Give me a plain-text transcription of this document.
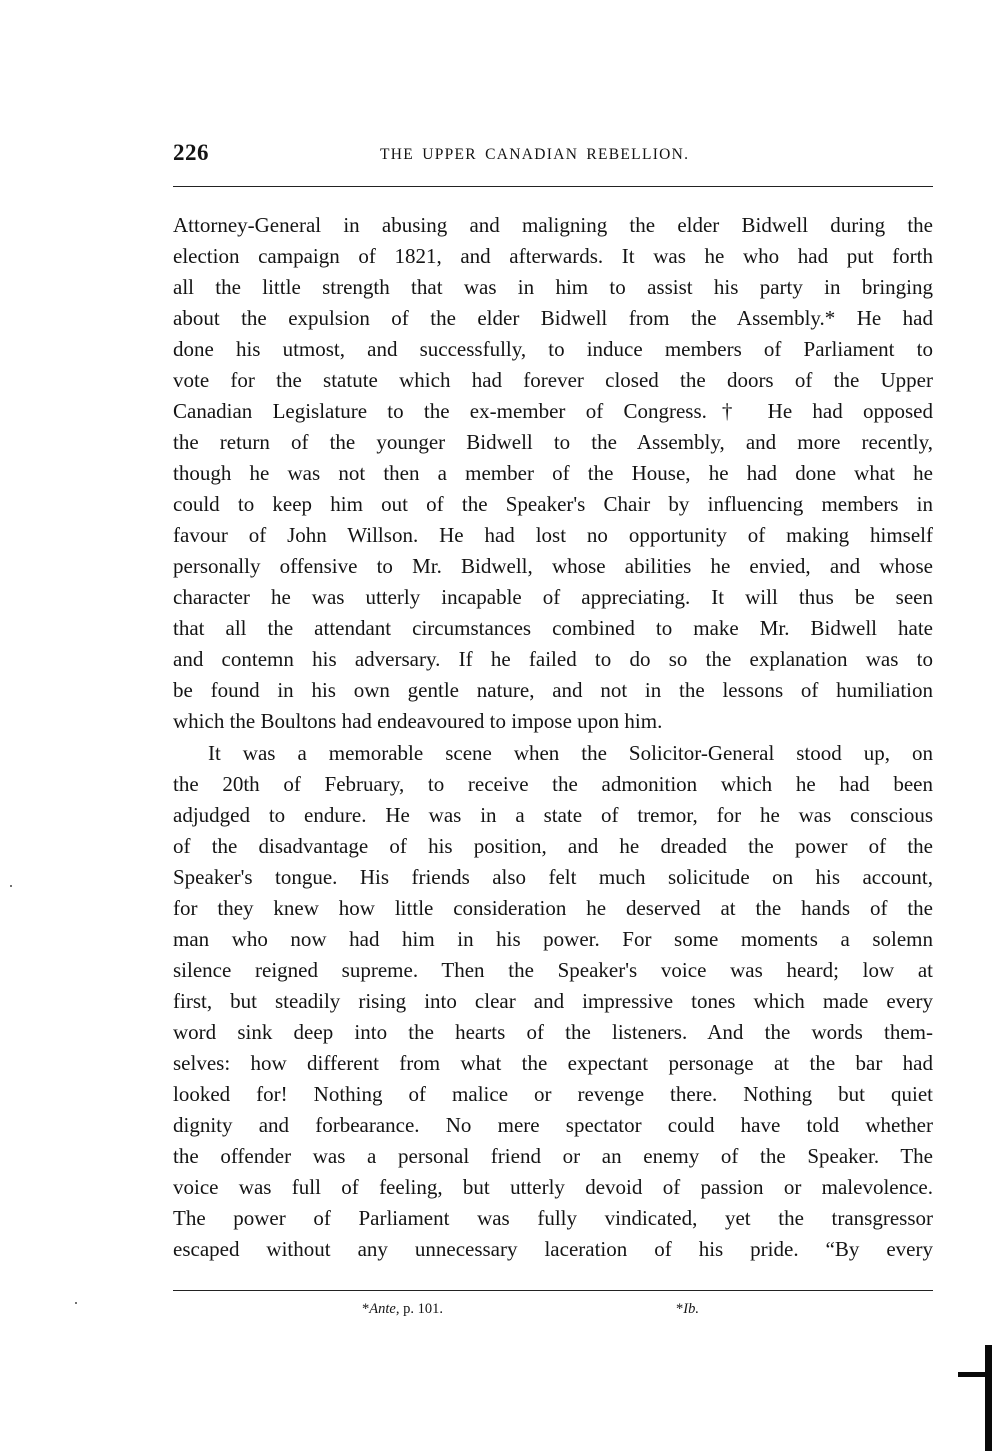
226	THE UPPER CANADIAN REBELLION.
Attorney-General in abusing and maligning the elder Bidwell during the
election campaign of 1821, and afterwards. It was he who had put forth
all the little strength that was in him to assist his party in bringing
about the expulsion of the elder Bidwell from the Assembly.* He had
done his utmost, and successfully, to induce members of Parliament to
vote for the statute which had forever closed the doors of the Upper
Canadian Legislature to the ex-member of Congress.† He had opposed
the return of the younger Bidwell to the Assembly, and more recently,
though he was not then a member of the House, he had done what he
could to keep him out of the Speaker's Chair by influencing members in
favour of John Willson. He had lost no opportunity of making himself
personally offensive to Mr. Bidwell, whose abilities he envied, and whose
character he was utterly incapable of appreciating. It will thus be seen
that all the attendant circumstances combined to make Mr. Bidwell hate
and contemn his adversary. If he failed to do so the explanation was to
be found in his own gentle nature, and not in the lessons of humiliation
which the Boultons had endeavoured to impose upon him.
It was a memorable scene when the Solicitor-General stood up, on
the 20th of February, to receive the admonition which he had been
adjudged to endure. He was in a state of tremor, for he was conscious
of the disadvantage of his position, and he dreaded the power of the
Speaker's tongue. His friends also felt much solicitude on his account,
for they knew how little consideration he deserved at the hands of the
man who now had him in his power. For some moments a solemn
silence reigned supreme. Then the Speaker's voice was heard; low at
first, but steadily rising into clear and impressive tones which made every
word sink deep into the hearts of the listeners. And the words them-
selves: how different from what the expectant personage at the bar had
looked for! Nothing of malice or revenge there. Nothing but quiet
dignity and forbearance. No mere spectator could have told whether
the offender was a personal friend or an enemy of the Speaker. The
voice was full of feeling, but utterly devoid of passion or malevolence.
The power of Parliament was fully vindicated, yet the transgressor
escaped without any unnecessary laceration of his pride. “By every
*Ante, p. 101.	*Ib.
